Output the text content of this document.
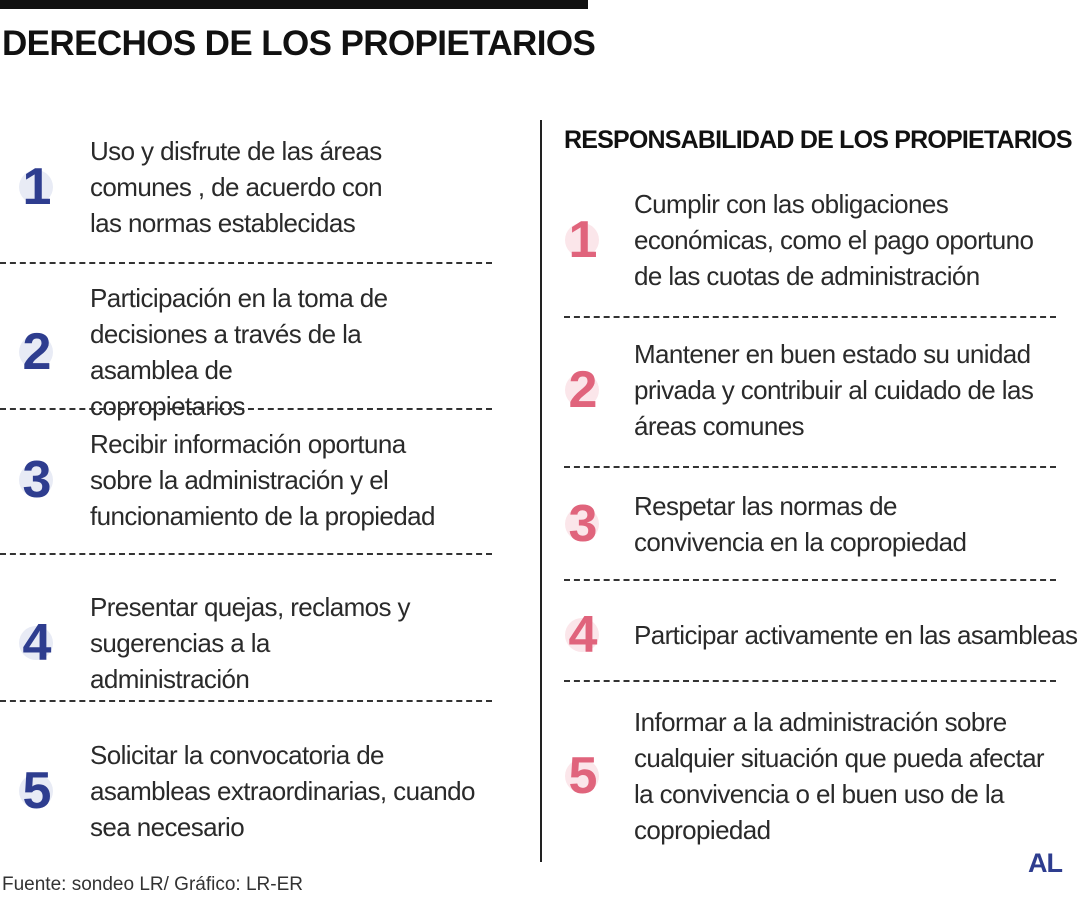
DERECHOS DE LOS PROPIETARIOS
1
Uso y disfrute de las áreas comunes , de acuerdo con las normas establecidas
2
Participación en la toma de decisiones a través de la asamblea de copropietarios
3
Recibir información oportuna sobre la administración y el funcionamiento de la propiedad
4
Presentar quejas, reclamos y sugerencias a la administración
5
Solicitar la convocatoria de asambleas extraordinarias, cuando sea necesario
RESPONSABILIDAD DE LOS PROPIETARIOS
1
Cumplir con las obligaciones económicas, como el pago oportuno de las cuotas de administración
2
Mantener en buen estado su unidad privada y contribuir al cuidado de las áreas comunes
3 Respetar las normas de convivencia en la copropiedad
4 Participar activamente en las asambleas
5
Informar a la administración sobre cualquier situación que pueda afectar la convivencia o el buen uso de la copropiedad
Fuente: sondeo LR/ Gráfico: LR-ER
AL
